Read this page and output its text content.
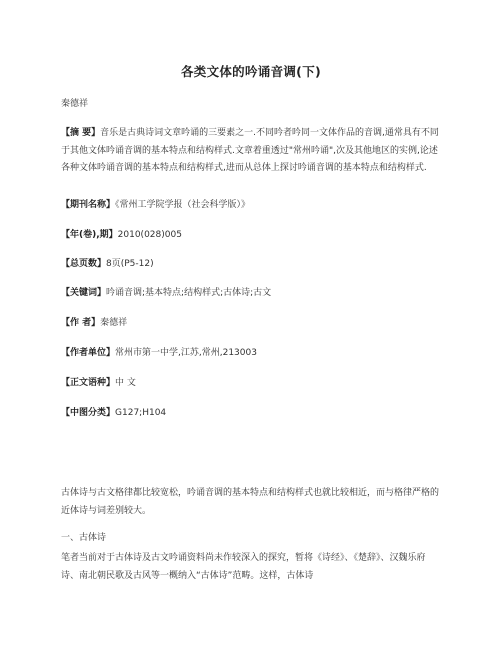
各类文体的吟诵音调(下)
秦德祥
【摘 要】音乐是古典诗词文章吟诵的三要素之一.不同吟者吟同一文体作品的音调,通常具有不同于其他文体吟诵音调的基本特点和结构样式.文章着重透过"常州吟诵",次及其他地区的实例,论述各种文体吟诵音调的基本特点和结构样式,进而从总体上探讨吟诵音调的基本特点和结构样式.
【期刊名称】《常州工学院学报（社会科学版）》
【年(卷),期】2010(028)005
【总页数】8页(P5-12)
【关键词】吟诵音调;基本特点;结构样式;古体诗;古文
【作 者】秦德祥
【作者单位】常州市第一中学,江苏,常州,213003
【正文语种】中 文
【中图分类】G127;H104
古体诗与古文格律都比较宽松，吟诵音调的基本特点和结构样式也就比较相近，而与格律严格的近体诗与词差别较大。
一、古体诗
笔者当前对于古体诗及古文吟诵资料尚未作较深入的探究，暂将《诗经》、《楚辞》、汉魏乐府诗、南北朝民歌及古风等一概纳入“古体诗”范畴。这样，古体诗
